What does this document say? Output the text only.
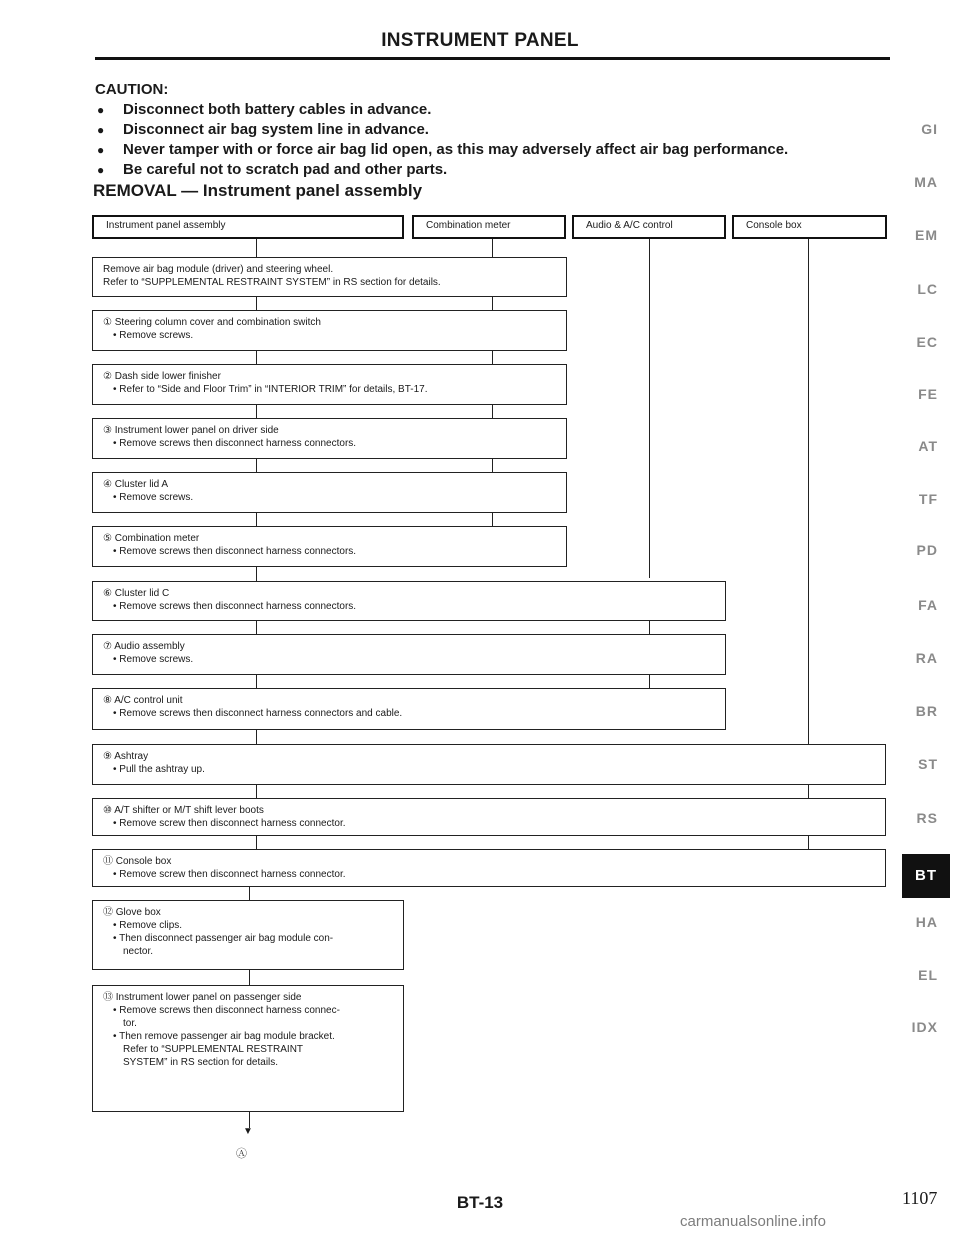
INSTRUMENT PANEL
CAUTION:
● Disconnect both battery cables in advance.
● Disconnect air bag system line in advance.
● Never tamper with or force air bag lid open, as this may adversely affect air bag performance.
● Be careful not to scratch pad and other parts.
REMOVAL — Instrument panel assembly
Instrument panel assembly	Combination meter	Audio & A/C control	Console box
Remove air bag module (driver) and steering wheel.
Refer to “SUPPLEMENTAL RESTRAINT SYSTEM” in RS section for details.
① Steering column cover and combination switch
• Remove screws.
② Dash side lower finisher
• Refer to “Side and Floor Trim” in “INTERIOR TRIM” for details, BT-17.
③ Instrument lower panel on driver side
• Remove screws then disconnect harness connectors.
④ Cluster lid A
• Remove screws.
⑤ Combination meter
• Remove screws then disconnect harness connectors.
⑥ Cluster lid C
• Remove screws then disconnect harness connectors.
⑦ Audio assembly
• Remove screws.
⑧ A/C control unit
• Remove screws then disconnect harness connectors and cable.
⑨ Ashtray
• Pull the ashtray up.
⑩ A/T shifter or M/T shift lever boots
• Remove screw then disconnect harness connector.
⑪ Console box
• Remove screw then disconnect harness connector.
⑫ Glove box
• Remove clips.
• Then disconnect passenger air bag module con-
nector.
⑬ Instrument lower panel on passenger side
• Remove screws then disconnect harness connec-
tor.
• Then remove passenger air bag module bracket.
Refer to “SUPPLEMENTAL RESTRAINT
SYSTEM” in RS section for details.
▼
Ⓐ
GI
MA
EM
LC
EC
FE
AT
TF
PD
FA
RA
BR
ST
RS
BT
HA
EL
IDX
BT-13	1107
carmanualsonline.info
